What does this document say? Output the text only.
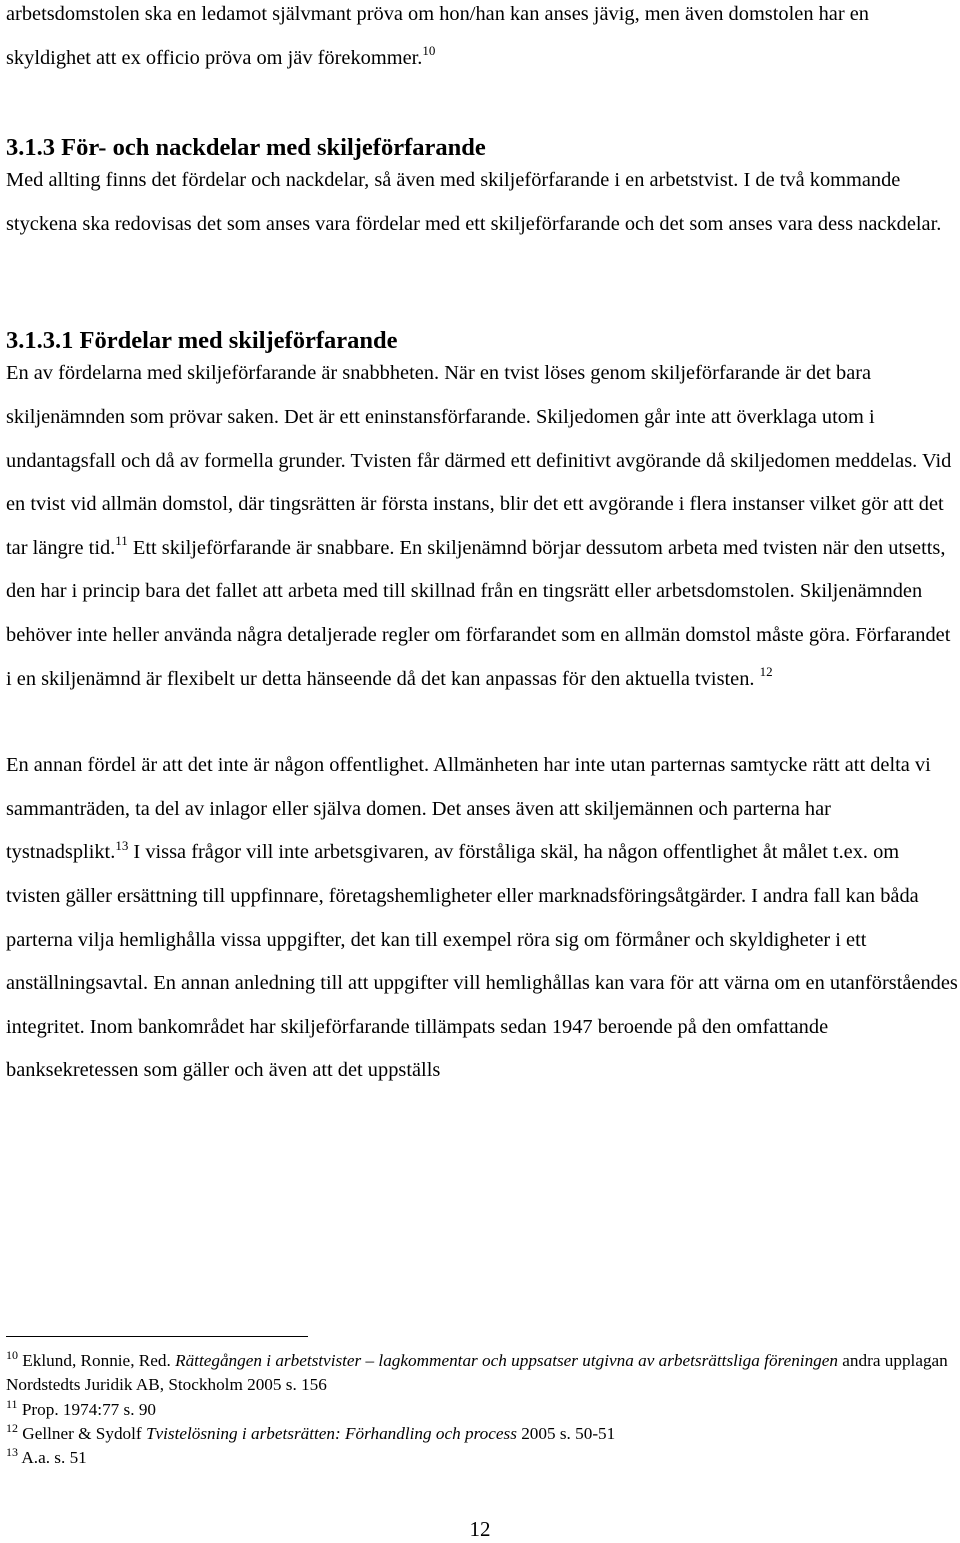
arbetsdomstolen ska en ledamot självmant pröva om hon/han kan anses jävig, men även domstolen har en skyldighet att ex officio pröva om jäv förekommer.$^{10}$

3.1.3 För- och nackdelar med skiljeförfarande

Med allting finns det fördelar och nackdelar, så även med skiljeförfarande i en arbetstvist. I de två kommande styckena ska redovisas det som anses vara fördelar med ett skiljeförfarande och det som anses vara dess nackdelar.

3.1.3.1 Fördelar med skiljeförfarande

En av fördelarna med skiljeförfarande är snabbheten. När en tvist löses genom skiljeförfarande är det bara skiljenämnden som prövar saken. Det är ett eninstansförfarande. Skiljedomen går inte att överklaga utom i undantagsfall och då av formella grunder. Tvisten får därmed ett definitivt avgörande då skiljedomen meddelas. Vid en tvist vid allmän domstol, där tingsrätten är första instans, blir det ett avgörande i flera instanser vilket gör att det tar längre tid.$^{11}$ Ett skiljeförfarande är snabbare. En skiljenämnd börjar dessutom arbeta med tvisten när den utsetts, den har i princip bara det fallet att arbeta med till skillnad från en tingsrätt eller arbetsdomstolen. Skiljenämnden behöver inte heller använda några detaljerade regler om förfarandet som en allmän domstol måste göra. Förfarandet i en skiljenämnd är flexibelt ur detta hänseende då det kan anpassas för den aktuella tvisten. $^{12}$

En annan fördel är att det inte är någon offentlighet. Allmänheten har inte utan parternas samtycke rätt att delta vi sammanträden, ta del av inlagor eller själva domen. Det anses även att skiljemännen och parterna har tystnadsplikt.$^{13}$ I vissa frågor vill inte arbetsgivaren, av förståliga skäl, ha någon offentlighet åt målet t.ex. om tvisten gäller ersättning till uppfinnare, företagshemligheter eller marknadsföringsåtgärder. I andra fall kan båda parterna vilja hemlighålla vissa uppgifter, det kan till exempel röra sig om förmåner och skyldigheter i ett anställningsavtal. En annan anledning till att uppgifter vill hemlighållas kan vara för att värna om en utanförståendes integritet. Inom bankområdet har skiljeförfarande tillämpats sedan 1947 beroende på den omfattande banksekretessen som gäller och även att det uppställs

$^{10}$ Eklund, Ronnie, Red. Rättegången i arbetstvister – lagkommentar och uppsatser utgivna av arbetsrättsliga föreningen andra upplagan Nordstedts Juridik AB, Stockholm 2005 s. 156

$^{11}$ Prop. 1974:77 s. 90

$^{12}$ Gellner & Sydolf Tvistelösning i arbetsrätten: Förhandling och process 2005 s. 50-51

$^{13}$ A.a. s. 51

12
